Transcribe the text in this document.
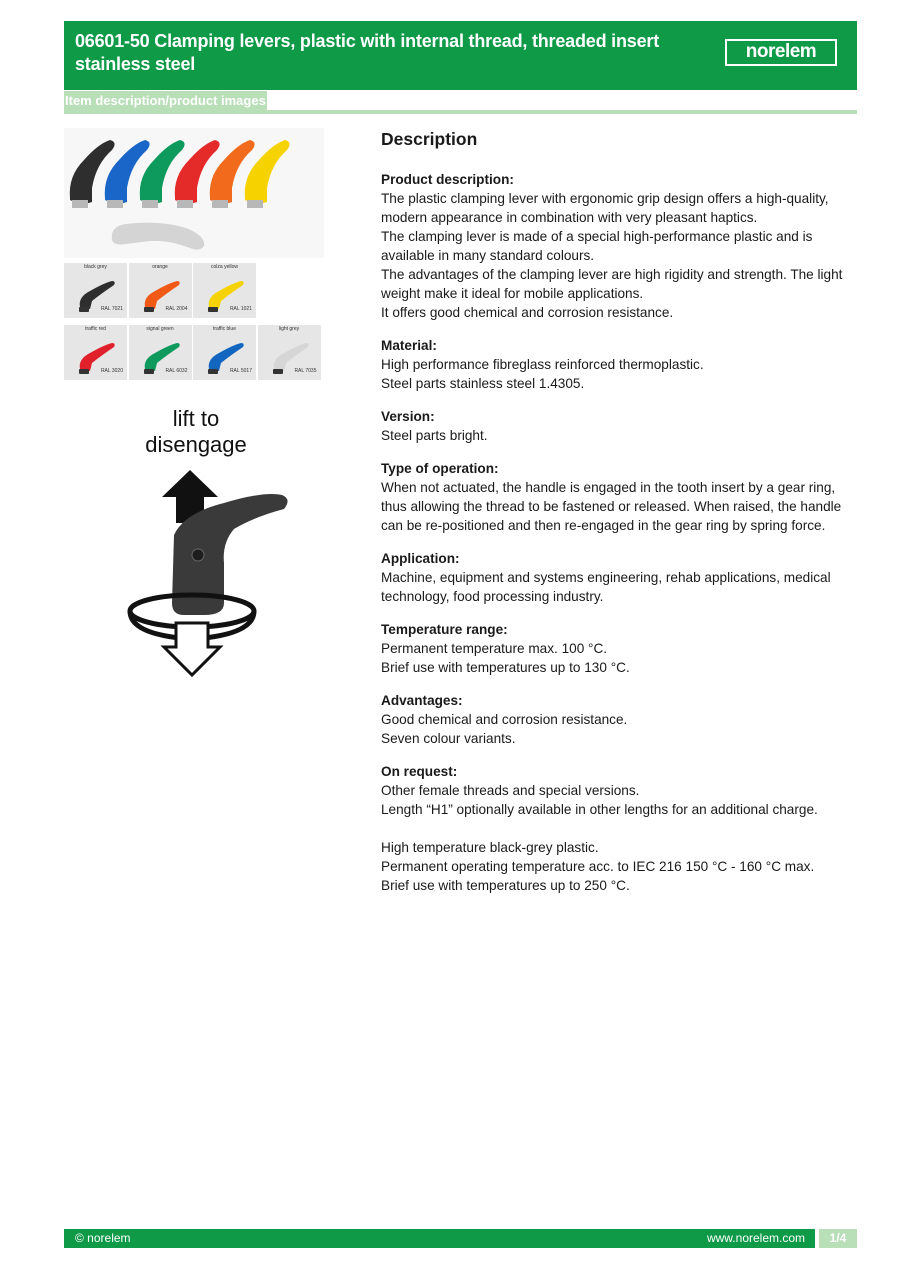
06601-50 Clamping levers, plastic with internal thread, threaded insert stainless steel
norelem
Item description/product images
black grey
RAL 7021
orange
RAL 2004
colza yellow
RAL 1021
traffic red
RAL 3020
signal green
RAL 6032
traffic blue
RAL 5017
light grey
RAL 7035
lift to
disengage
Description
Product description:

The plastic clamping lever with ergonomic grip design offers a high-quality, modern appearance in combination with very pleasant haptics.

The clamping lever is made of a special high-performance plastic and is available in many standard colours.

The advantages of the clamping lever are high rigidity and strength. The light weight make it ideal for mobile applications.

It offers good chemical and corrosion resistance.

Material:

High performance fibreglass reinforced thermoplastic.

Steel parts stainless steel 1.4305.

Version:

Steel parts bright.

Type of operation:

When not actuated, the handle is engaged in the tooth insert by a gear ring, thus allowing the thread to be fastened or released. When raised, the handle can be re-positioned and then re-engaged in the gear ring by spring force.

Application:

Machine, equipment and systems engineering, rehab applications, medical technology, food processing industry.

Temperature range:

Permanent temperature max. 100 °C.

Brief use with temperatures up to 130 °C.

Advantages:

Good chemical and corrosion resistance.

Seven colour variants.

On request:

Other female threads and special versions.

Length “H1” optionally available in other lengths for an additional charge.

High temperature black-grey plastic.

Permanent operating temperature acc. to IEC 216 150 °C - 160 °C max.

Brief use with temperatures up to 250 °C.

© norelem	www.norelem.com	1/4
